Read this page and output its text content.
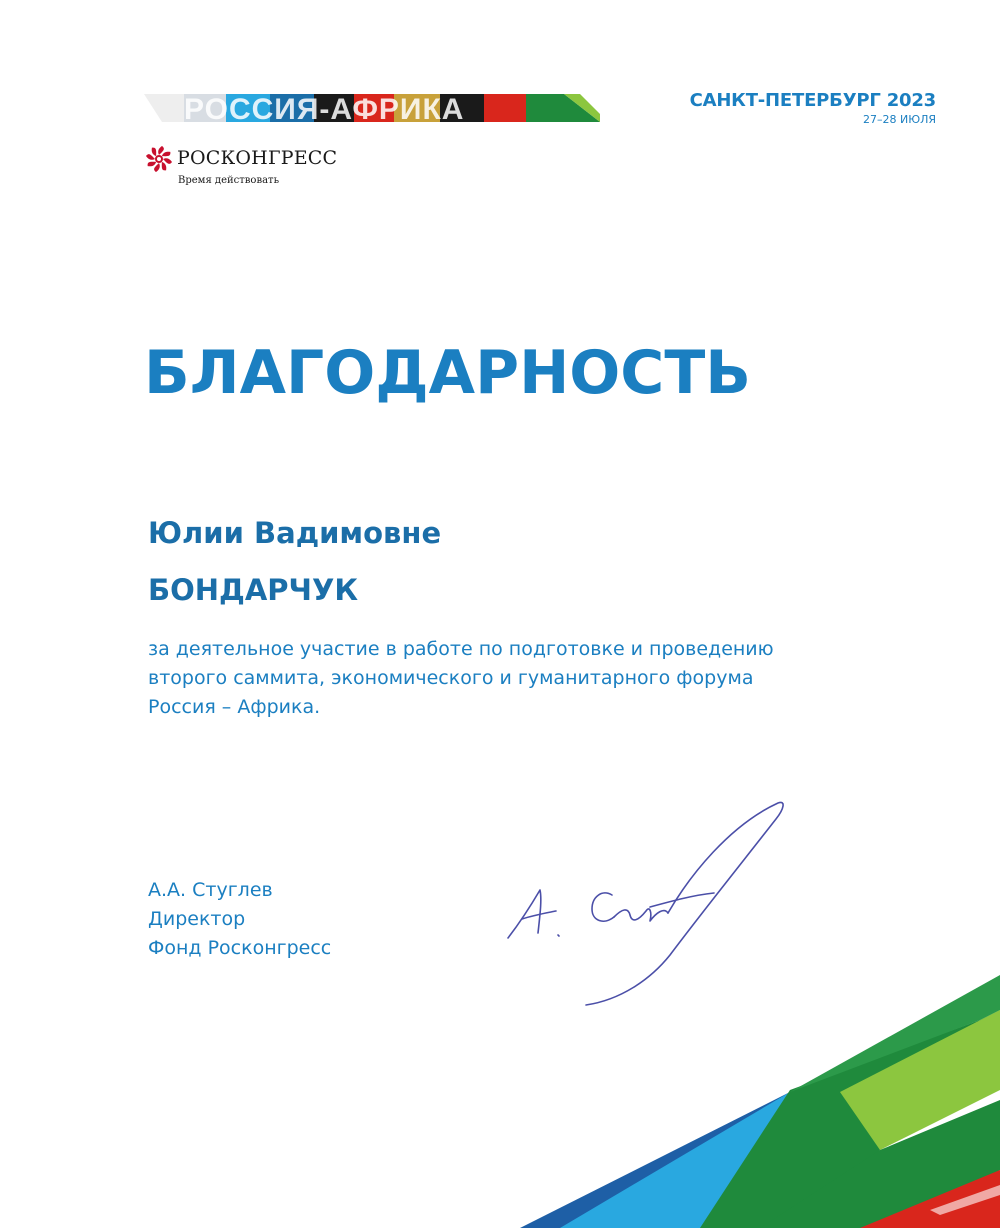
РОССИЯ-АФРИКА
РОСКОНГРЕСС
Время действовать
САНКТ-ПЕТЕРБУРГ 2023
27–28 ИЮЛЯ
БЛАГОДАРНОСТЬ
Юлии Вадимовне
БОНДАРЧУК
за деятельное участие в работе по подготовке и проведению
второго саммита, экономического и гуманитарного форума
Россия – Африка.
А.А. Стуглев
Директор
Фонд Росконгресс
